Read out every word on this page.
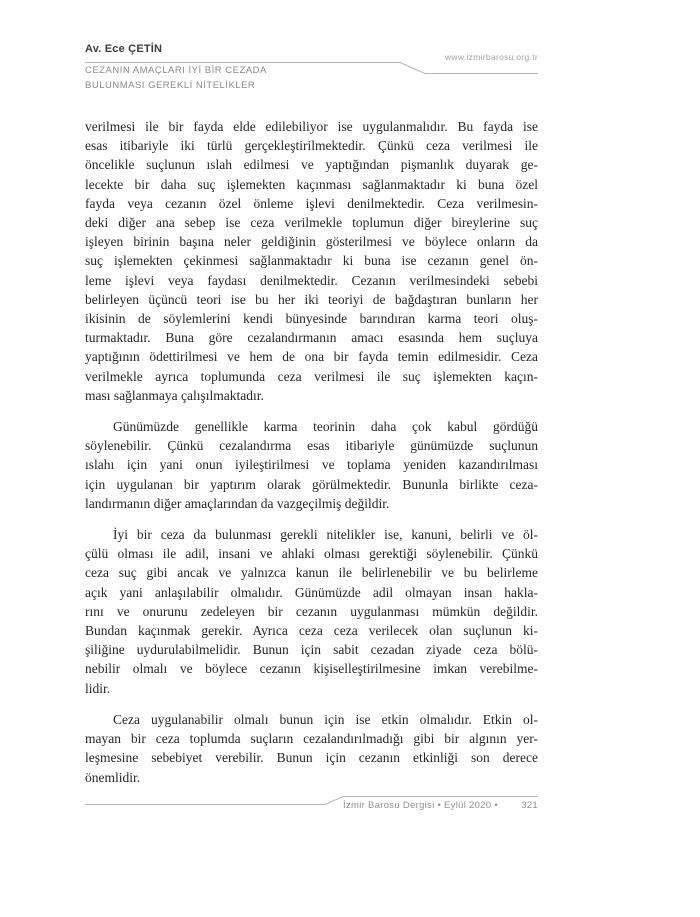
Av. Ece ÇETİN
www.izmirbarosu.org.tr
CEZANIN AMAÇLARI İYİ BİR CEZADA
BULUNMASI GEREKLİ NİTELİKLER
verilmesi ile bir fayda elde edilebiliyor ise uygulanmalıdır. Bu fayda ise
esas itibariyle iki türlü gerçekleştirilmektedir. Çünkü ceza verilmesi ile
öncelikle suçlunun ıslah edilmesi ve yaptığından pişmanlık duyarak ge-
lecekte bir daha suç işlemekten kaçınması sağlanmaktadır ki buna özel
fayda veya cezanın özel önleme işlevi denilmektedir. Ceza verilmesin-
deki diğer ana sebep ise ceza verilmekle toplumun diğer bireylerine suç
işleyen birinin başına neler geldiğinin gösterilmesi ve böylece onların da
suç işlemekten çekinmesi sağlanmaktadır ki buna ise cezanın genel ön-
leme işlevi veya faydası denilmektedir. Cezanın verilmesindeki sebebi
belirleyen üçüncü teori ise bu her iki teoriyi de bağdaştıran bunların her
ikisinin de söylemlerini kendi bünyesinde barındıran karma teori oluş-
turmaktadır. Buna göre cezalandırmanın amacı esasında hem suçluya
yaptığının ödettirilmesi ve hem de ona bir fayda temin edilmesidir. Ceza
verilmekle ayrıca toplumunda ceza verilmesi ile suç işlemekten kaçın-
ması sağlanmaya çalışılmaktadır.
Günümüzde genellikle karma teorinin daha çok kabul gördüğü
söylenebilir. Çünkü cezalandırma esas itibariyle günümüzde suçlunun
ıslahı için yani onun iyileştirilmesi ve toplama yeniden kazandırılması
için uygulanan bir yaptırım olarak görülmektedir. Bununla birlikte ceza-
landırmanın diğer amaçlarından da vazgeçilmiş değildir.
İyi bir ceza da bulunması gerekli nitelikler ise, kanuni, belirli ve öl-
çülü olması ile adil, insani ve ahlaki olması gerektiği söylenebilir. Çünkü
ceza suç gibi ancak ve yalnızca kanun ile belirlenebilir ve bu belirleme
açık yani anlaşılabilir olmalıdır. Günümüzde adil olmayan insan hakla-
rını ve onurunu zedeleyen bir cezanın uygulanması mümkün değildir.
Bundan kaçınmak gerekir. Ayrıca ceza ceza verilecek olan suçlunun ki-
şiliğine uydurulabilmelidir. Bunun için sabit cezadan ziyade ceza bölü-
nebilir olmalı ve böylece cezanın kişiselleştirilmesine imkan verebilme-
lidir.
Ceza uygulanabilir olmalı bunun için ise etkin olmalıdır. Etkin ol-
mayan bir ceza toplumda suçların cezalandırılmadığı gibi bir algının yer-
leşmesine sebebiyet verebilir. Bunun için cezanın etkinliği son derece
önemlidir.
İzmir Barosu Dergisi • Eylül 2020 • 321
